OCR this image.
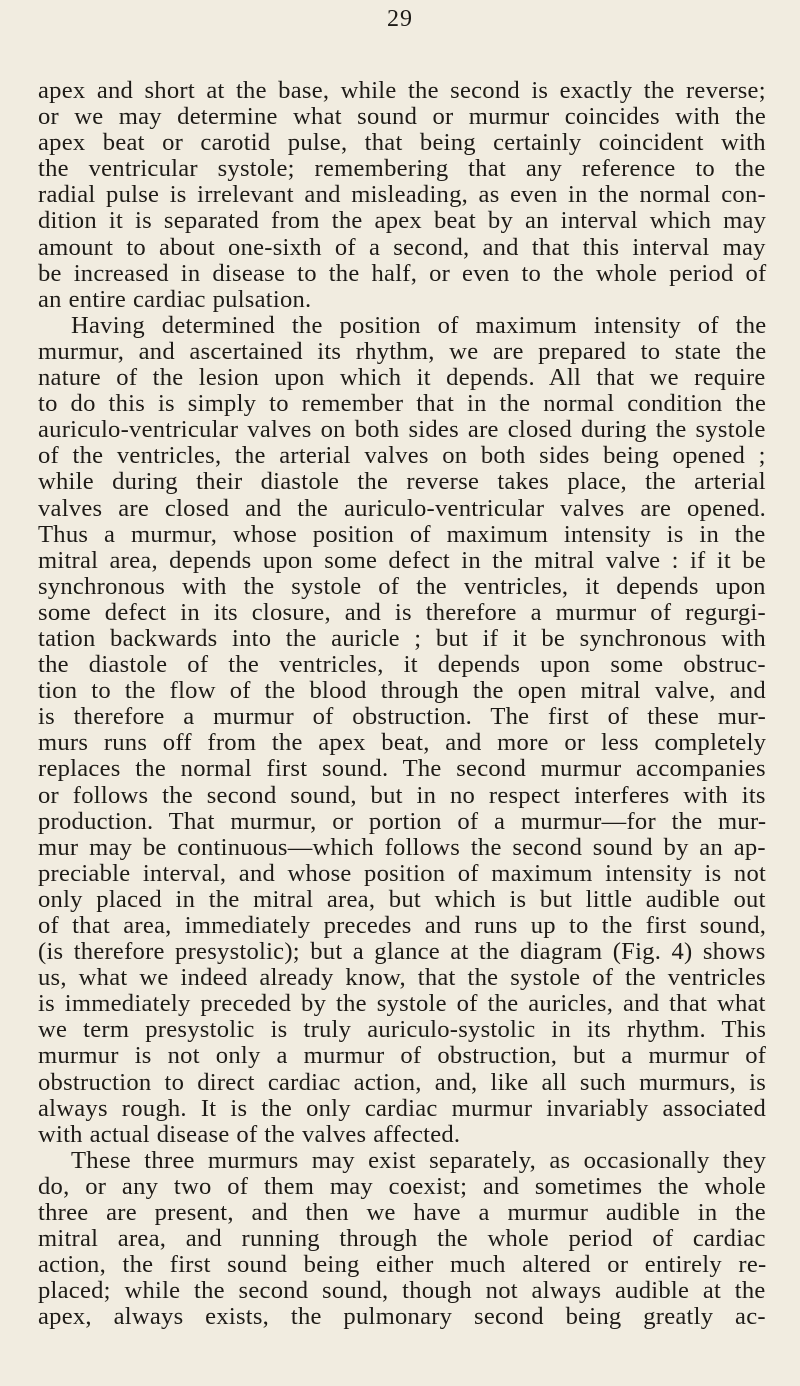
29
apex and short at the base, while the second is exactly the reverse;
or we may determine what sound or murmur coincides with the
apex beat or carotid pulse, that being certainly coincident with
the ventricular systole; remembering that any reference to the
radial pulse is irrelevant and misleading, as even in the normal con-
dition it is separated from the apex beat by an interval which may
amount to about one-sixth of a second, and that this interval may
be increased in disease to the half, or even to the whole period of
an entire cardiac pulsation.
Having determined the position of maximum intensity of the
murmur, and ascertained its rhythm, we are prepared to state the
nature of the lesion upon which it depends. All that we require
to do this is simply to remember that in the normal condition the
auriculo-ventricular valves on both sides are closed during the systole
of the ventricles, the arterial valves on both sides being opened ;
while during their diastole the reverse takes place, the arterial
valves are closed and the auriculo-ventricular valves are opened.
Thus a murmur, whose position of maximum intensity is in the
mitral area, depends upon some defect in the mitral valve : if it be
synchronous with the systole of the ventricles, it depends upon
some defect in its closure, and is therefore a murmur of regurgi-
tation backwards into the auricle ; but if it be synchronous with
the diastole of the ventricles, it depends upon some obstruc-
tion to the flow of the blood through the open mitral valve, and
is therefore a murmur of obstruction. The first of these mur-
murs runs off from the apex beat, and more or less completely
replaces the normal first sound. The second murmur accompanies
or follows the second sound, but in no respect interferes with its
production. That murmur, or portion of a murmur—for the mur-
mur may be continuous—which follows the second sound by an ap-
preciable interval, and whose position of maximum intensity is not
only placed in the mitral area, but which is but little audible out
of that area, immediately precedes and runs up to the first sound,
(is therefore presystolic); but a glance at the diagram (Fig. 4) shows
us, what we indeed already know, that the systole of the ventricles
is immediately preceded by the systole of the auricles, and that what
we term presystolic is truly auriculo-systolic in its rhythm. This
murmur is not only a murmur of obstruction, but a murmur of
obstruction to direct cardiac action, and, like all such murmurs, is
always rough. It is the only cardiac murmur invariably associated
with actual disease of the valves affected.
These three murmurs may exist separately, as occasionally they
do, or any two of them may coexist; and sometimes the whole
three are present, and then we have a murmur audible in the
mitral area, and running through the whole period of cardiac
action, the first sound being either much altered or entirely re-
placed; while the second sound, though not always audible at the
apex, always exists, the pulmonary second being greatly ac-
